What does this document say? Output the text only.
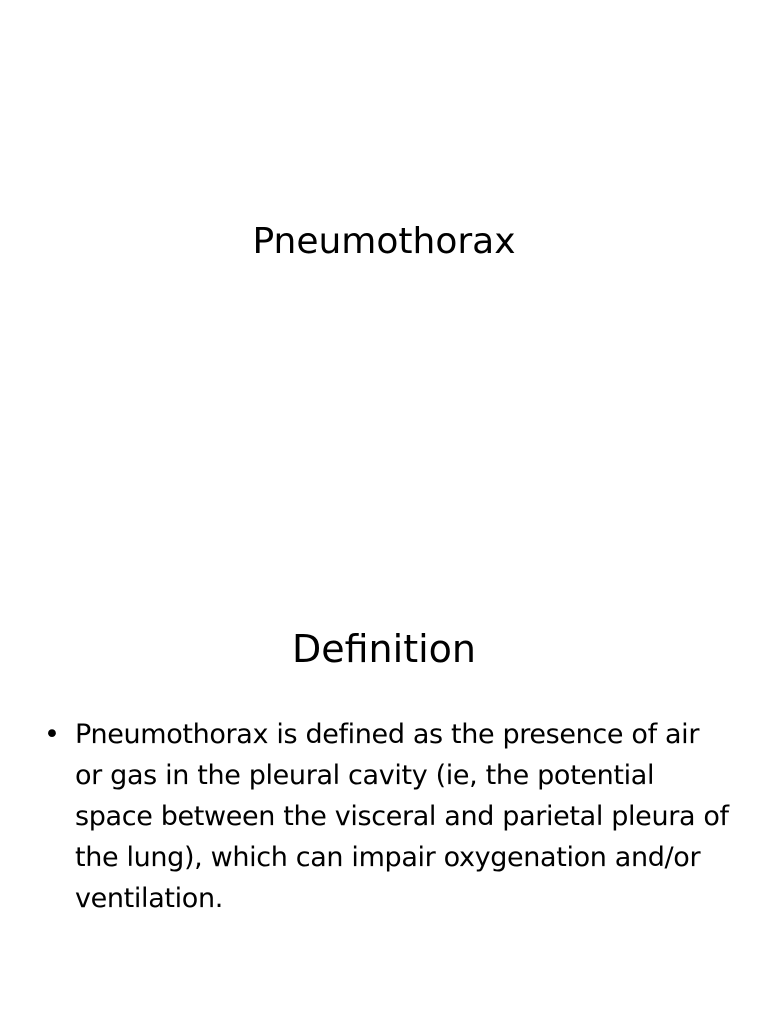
Pneumothorax
Definition
• Pneumothorax is defined as the presence of air or gas in the pleural cavity (ie, the potential space between the visceral and parietal pleura of the lung), which can impair oxygenation and/or ventilation.
